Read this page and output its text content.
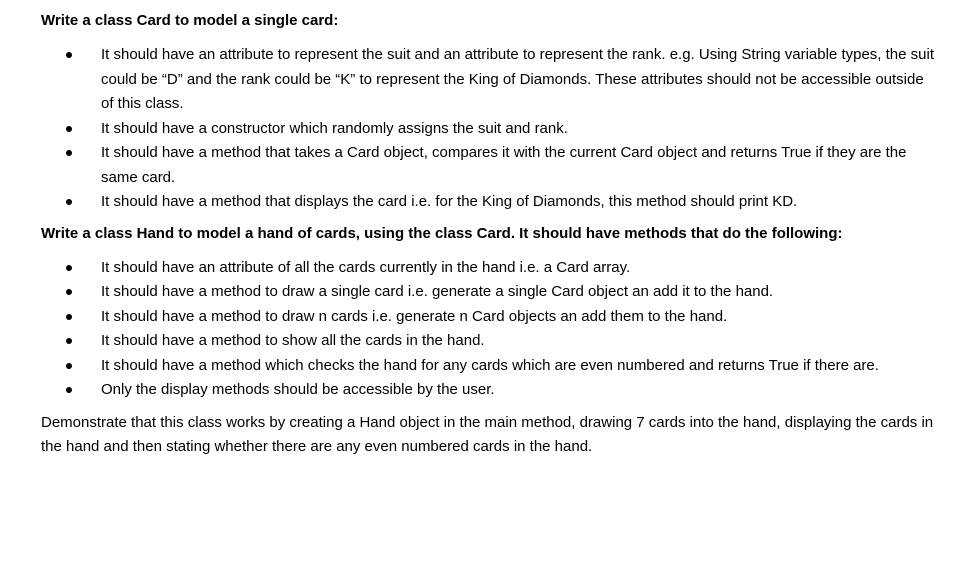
Write a class Card to model a single card:

It should have an attribute to represent the suit and an attribute to represent the rank. e.g. Using String variable types, the suit could be “D” and the rank could be “K” to represent the King of Diamonds. These attributes should not be accessible outside of this class.
It should have a constructor which randomly assigns the suit and rank.
It should have a method that takes a Card object, compares it with the current Card object and returns True if they are the same card.
It should have a method that displays the card i.e. for the King of Diamonds, this method should print KD.

Write a class Hand to model a hand of cards, using the class Card. It should have methods that do the following:

It should have an attribute of all the cards currently in the hand i.e. a Card array.
It should have a method to draw a single card i.e. generate a single Card object an add it to the hand.
It should have a method to draw n cards i.e. generate n Card objects an add them to the hand.
It should have a method to show all the cards in the hand.
It should have a method which checks the hand for any cards which are even numbered and returns True if there are.
Only the display methods should be accessible by the user.

Demonstrate that this class works by creating a Hand object in the main method, drawing 7 cards into the hand, displaying the cards in the hand and then stating whether there are any even numbered cards in the hand.
